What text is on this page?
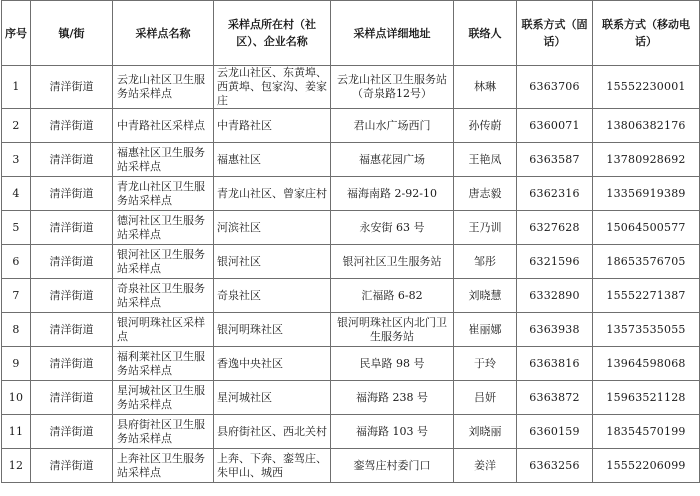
序号	镇/街	采样点名称	采样点所在村（社区）、企业名称	采样点详细地址	联络人	联系方式（固话）	联系方式（移动电话）
1	清洋街道	云龙山社区卫生服务站采样点	云龙山社区、东黄埠、西黄埠、包家沟、姜家庄	云龙山社区卫生服务站（奇泉路12号）	林琳	6363706	15552230001
2	清洋街道	中青路社区采样点	中青路社区	君山水广场西门	孙传蔚	6360071	13806382176
3	清洋街道	福惠社区卫生服务站采样点	福惠社区	福惠花园广场	王艳凤	6363587	13780928692
4	清洋街道	青龙山社区卫生服务站采样点	青龙山社区、曾家庄村	福海南路 2-92-10	唐志毅	6362316	13356919389
5	清洋街道	德河社区卫生服务站采样点	河滨社区	永安街 63 号	王乃训	6327628	15064500577
6	清洋街道	银河社区卫生服务站采样点	银河社区	银河社区卫生服务站	邹彤	6321596	18653576705
7	清洋街道	奇泉社区卫生服务站采样点	奇泉社区	汇福路 6-82	刘晓慧	6332890	15552271387
8	清洋街道	银河明珠社区采样点	银河明珠社区	银河明珠社区内北门卫生服务站	崔丽娜	6363938	13573535055
9	清洋街道	福利莱社区卫生服务站采样点	香逸中央社区	民阜路 98 号	于玲	6363816	13964598068
10	清洋街道	星河城社区卫生服务站采样点	星河城社区	福海路 238 号	吕妍	6363872	15963521128
11	清洋街道	县府街社区卫生服务站采样点	县府街社区、西北关村	福海路 103 号	刘晓丽	6360159	18354570199
12	清洋街道	上奔社区卫生服务站采样点	上奔、下奔、銮驾庄、朱甲山、城西	銮驾庄村委门口	姜洋	6363256	15552206099
